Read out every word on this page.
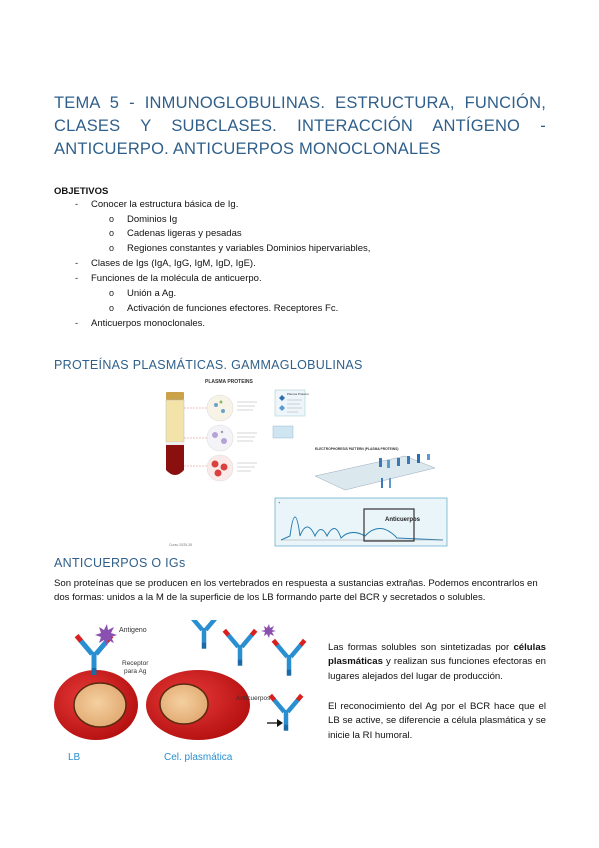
TEMA 5 - INMUNOGLOBULINAS. ESTRUCTURA, FUNCIÓN, CLASES Y SUBCLASES. INTERACCIÓN ANTÍGENO - ANTICUERPO. ANTICUERPOS MONOCLONALES
OBJETIVOS
- Conocer la estructura básica de Ig.
o Dominios Ig
o Cadenas ligeras y pesadas
o Regiones constantes y variables Dominios hipervariables,
- Clases de Igs (IgA, IgG, IgM, IgD, IgE).
- Funciones de la molécula de anticuerpo.
o Unión a Ag.
o Activación de funciones efectores. Receptores Fc.
- Anticuerpos monoclonales.
PROTEÍNAS PLASMÁTICAS. GAMMAGLOBULINAS
PLASMA PROTEINS
Plasma Proteins
ELECTROPHORESIS PATTERN (PLASMA PROTEINS)
+
Anticuerpos
Curso 2025-26
ANTICUERPOS O IGs

Son proteínas que se producen en los vertebrados en respuesta a sustancias extrañas. Podemos encontrarlos en dos formas: unidos a la M de la superficie de los LB formando parte del BCR y secretados o solubles.

Antigeno
Receptor para Ag
LB
Anticuerpos
Cel. plasmática

Las formas solubles son sintetizadas por células plasmáticas y realizan sus funciones efectoras en lugares alejados del lugar de producción.

El reconocimiento del Ag por el BCR hace que el LB se active, se diferencie a célula plasmática y se inicie la RI humoral.
